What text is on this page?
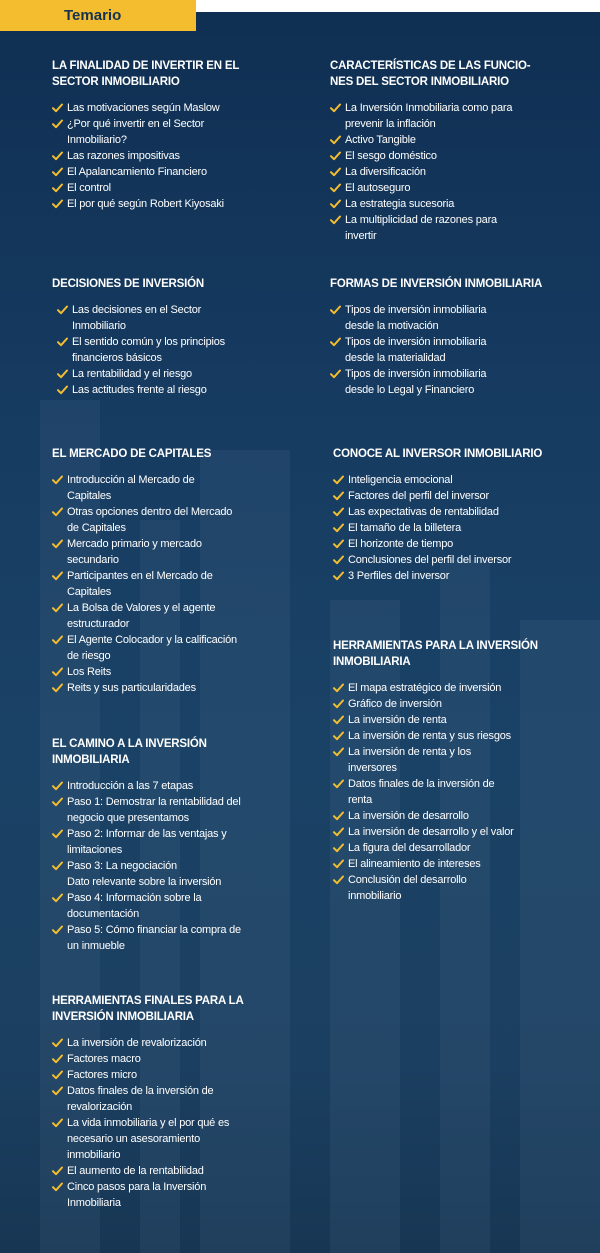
Temario
LA FINALIDAD DE INVERTIR EN EL
SECTOR INMOBILIARIO
Las motivaciones según Maslow
¿Por qué invertir en el Sector
Inmobiliario?
Las razones impositivas
El Apalancamiento Financiero
El control
El por qué según Robert Kiyosaki
CARACTERÍSTICAS DE LAS FUNCIO-
NES DEL SECTOR INMOBILIARIO
La Inversión Inmobiliaria como para
prevenir la inflación
Activo Tangible
El sesgo doméstico
La diversificación
El autoseguro
La estrategia sucesoria
La multiplicidad de razones para
invertir
DECISIONES DE INVERSIÓN
Las decisiones en el Sector
Inmobiliario
El sentido común y los principios
financieros básicos
La rentabilidad y el riesgo
Las actitudes frente al riesgo
FORMAS DE INVERSIÓN INMOBILIARIA
Tipos de inversión inmobiliaria
desde la motivación
Tipos de inversión inmobiliaria
desde la materialidad
Tipos de inversión inmobiliaria
desde lo Legal y Financiero
EL MERCADO DE CAPITALES
Introducción al Mercado de
Capitales
Otras opciones dentro del Mercado
de Capitales
Mercado primario y mercado
secundario
Participantes en el Mercado de
Capitales
La Bolsa de Valores y el agente
estructurador
El Agente Colocador y la calificación
de riesgo
Los Reits
Reits y sus particularidades
CONOCE AL INVERSOR INMOBILIARIO
Inteligencia emocional
Factores del perfil del inversor
Las expectativas de rentabilidad
El tamaño de la billetera
El horizonte de tiempo
Conclusiones del perfil del inversor
3 Perfiles del inversor
HERRAMIENTAS PARA LA INVERSIÓN
INMOBILIARIA
El mapa estratégico de inversión
Gráfico de inversión
La inversión de renta
La inversión de renta y sus riesgos
La inversión de renta y los
inversores
Datos finales de la inversión de
renta
La inversión de desarrollo
La inversión de desarrollo y el valor
La figura del desarrollador
El alineamiento de intereses
Conclusión del desarrollo
inmobiliario
EL CAMINO A LA INVERSIÓN
INMOBILIARIA
Introducción a las 7 etapas
Paso 1: Demostrar la rentabilidad del
negocio que presentamos
Paso 2: Informar de las ventajas y
limitaciones
Paso 3: La negociación
Dato relevante sobre la inversión
Paso 4: Información sobre la
documentación
Paso 5: Cómo financiar la compra de
un inmueble
HERRAMIENTAS FINALES PARA LA
INVERSIÓN INMOBILIARIA
La inversión de revalorización
Factores macro
Factores micro
Datos finales de la inversión de
revalorización
La vida inmobiliaria y el por qué es
necesario un asesoramiento
inmobiliario
El aumento de la rentabilidad
Cinco pasos para la Inversión
Inmobiliaria
